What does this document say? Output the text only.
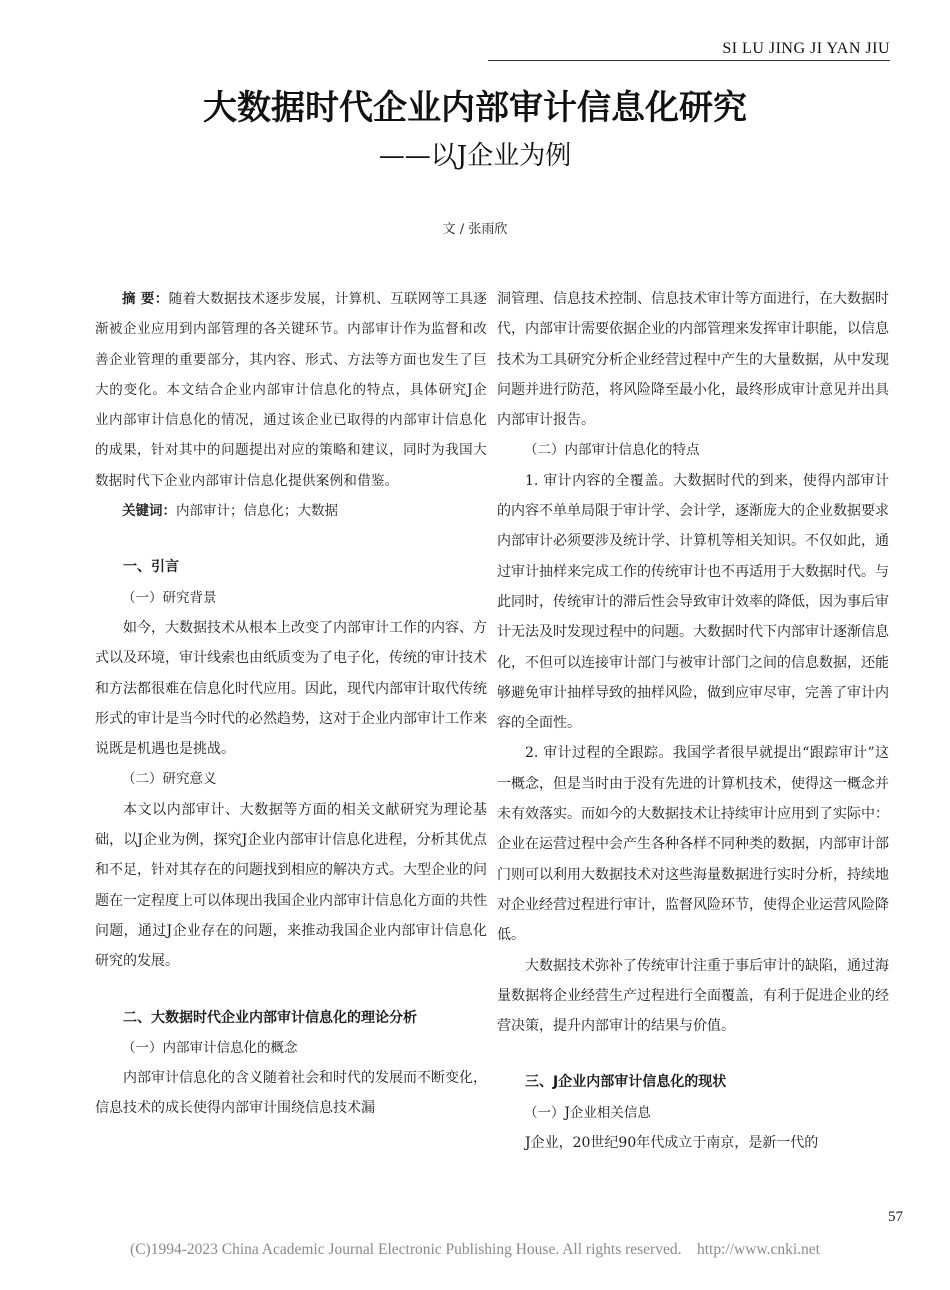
SI LU JING JI YAN JIU
大数据时代企业内部审计信息化研究
——以J企业为例
文 / 张雨欣

摘 要：随着大数据技术逐步发展，计算机、互联网等工具逐渐被企业应用到内部管理的各关键环节。内部审计作为监督和改善企业管理的重要部分，其内容、形式、方法等方面也发生了巨大的变化。本文结合企业内部审计信息化的特点，具体研究J企业内部审计信息化的情况，通过该企业已取得的内部审计信息化的成果，针对其中的问题提出对应的策略和建议，同时为我国大数据时代下企业内部审计信息化提供案例和借鉴。

关键词：内部审计；信息化；大数据

一、引言

（一）研究背景

如今，大数据技术从根本上改变了内部审计工作的内容、方式以及环境，审计线索也由纸质变为了电子化，传统的审计技术和方法都很难在信息化时代应用。因此，现代内部审计取代传统形式的审计是当今时代的必然趋势，这对于企业内部审计工作来说既是机遇也是挑战。

（二）研究意义

本文以内部审计、大数据等方面的相关文献研究为理论基础，以J企业为例，探究J企业内部审计信息化进程，分析其优点和不足，针对其存在的问题找到相应的解决方式。大型企业的问题在一定程度上可以体现出我国企业内部审计信息化方面的共性问题，通过J企业存在的问题，来推动我国企业内部审计信息化研究的发展。

二、大数据时代企业内部审计信息化的理论分析

（一）内部审计信息化的概念

内部审计信息化的含义随着社会和时代的发展而不断变化，信息技术的成长使得内部审计围绕信息技术漏

洞管理、信息技术控制、信息技术审计等方面进行，在大数据时代，内部审计需要依据企业的内部管理来发挥审计职能，以信息技术为工具研究分析企业经营过程中产生的大量数据，从中发现问题并进行防范，将风险降至最小化，最终形成审计意见并出具内部审计报告。

（二）内部审计信息化的特点

1. 审计内容的全覆盖。大数据时代的到来，使得内部审计的内容不单单局限于审计学、会计学，逐渐庞大的企业数据要求内部审计必须要涉及统计学、计算机等相关知识。不仅如此，通过审计抽样来完成工作的传统审计也不再适用于大数据时代。与此同时，传统审计的滞后性会导致审计效率的降低，因为事后审计无法及时发现过程中的问题。大数据时代下内部审计逐渐信息化，不但可以连接审计部门与被审计部门之间的信息数据，还能够避免审计抽样导致的抽样风险，做到应审尽审，完善了审计内容的全面性。

2. 审计过程的全跟踪。我国学者很早就提出“跟踪审计”这一概念，但是当时由于没有先进的计算机技术，使得这一概念并未有效落实。而如今的大数据技术让持续审计应用到了实际中：企业在运营过程中会产生各种各样不同种类的数据，内部审计部门则可以利用大数据技术对这些海量数据进行实时分析，持续地对企业经营过程进行审计，监督风险环节，使得企业运营风险降低。

大数据技术弥补了传统审计注重于事后审计的缺陷，通过海量数据将企业经营生产过程进行全面覆盖，有利于促进企业的经营决策，提升内部审计的结果与价值。

三、J企业内部审计信息化的现状

（一）J企业相关信息

J企业，20世纪90年代成立于南京，是新一代的

57
(C)1994-2023 China Academic Journal Electronic Publishing House. All rights reserved.    http://www.cnki.net
